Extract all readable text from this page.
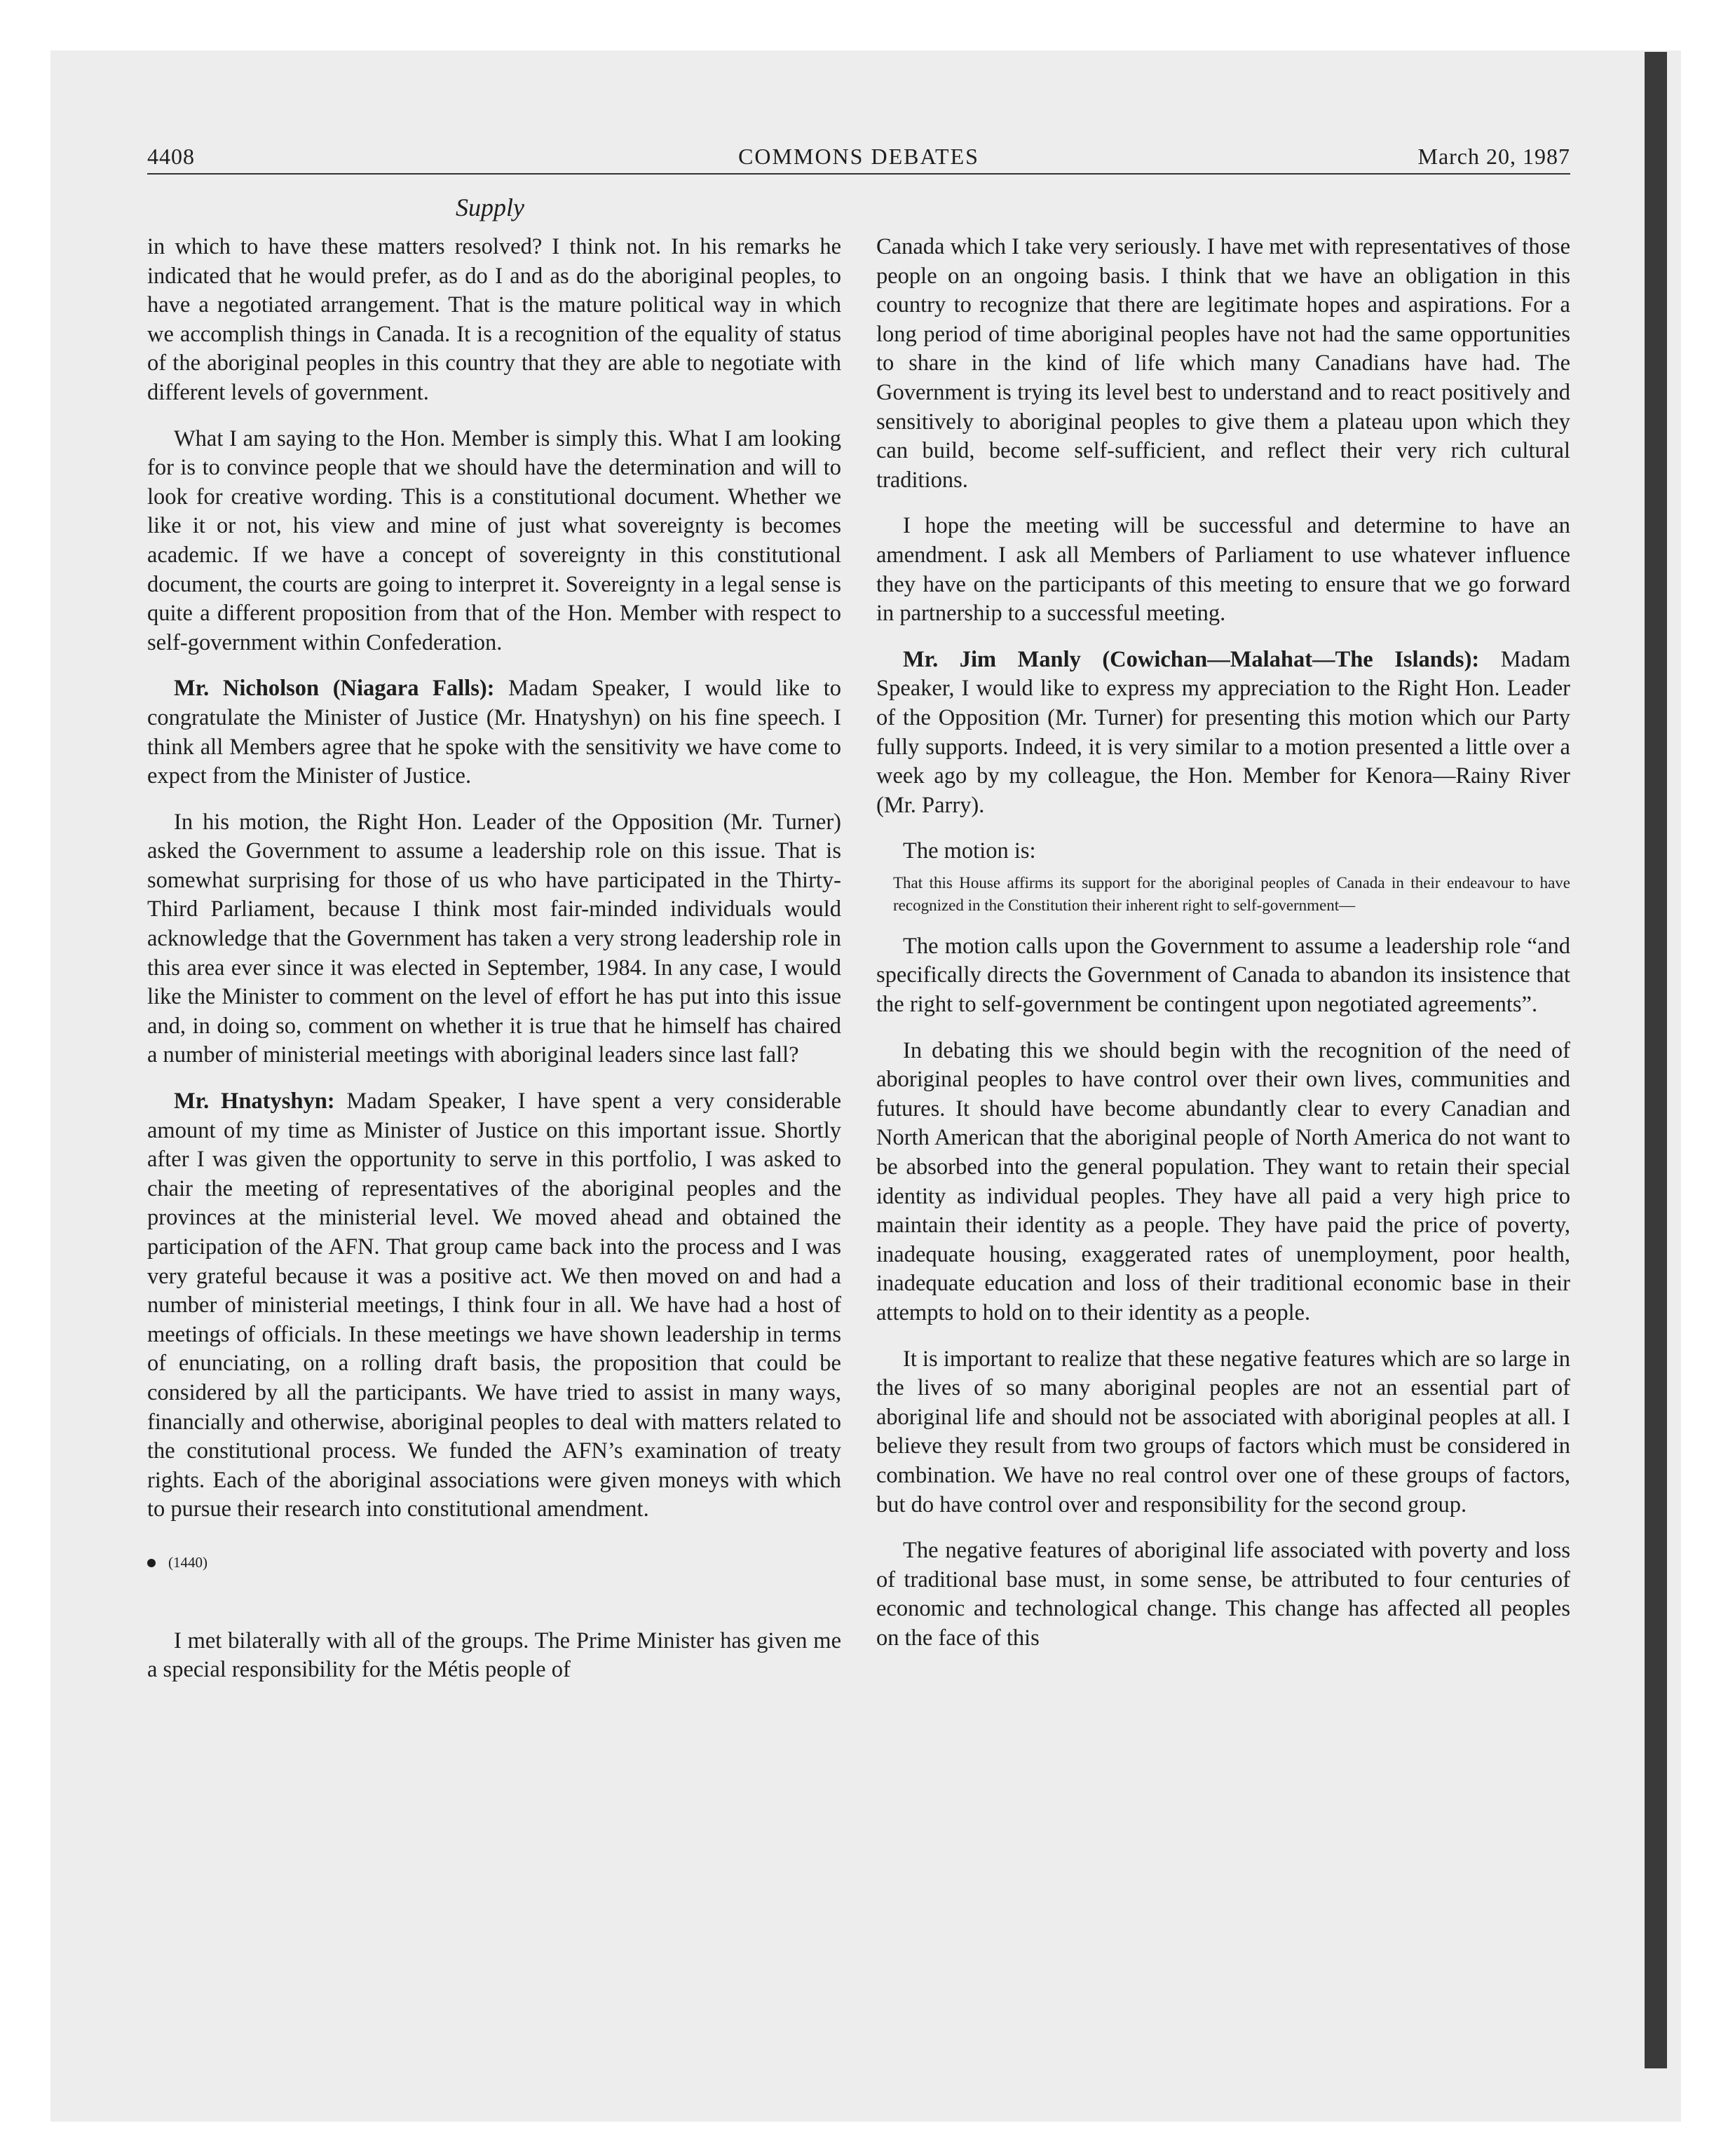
4408	COMMONS DEBATES	March 20, 1987
Supply

in which to have these matters resolved? I think not. In his remarks he indicated that he would prefer, as do I and as do the aboriginal peoples, to have a negotiated arrangement. That is the mature political way in which we accomplish things in Canada. It is a recognition of the equality of status of the aboriginal peoples in this country that they are able to negotiate with different levels of government.

What I am saying to the Hon. Member is simply this. What I am looking for is to convince people that we should have the determination and will to look for creative wording. This is a constitutional document. Whether we like it or not, his view and mine of just what sovereignty is becomes academic. If we have a concept of sovereignty in this constitutional document, the courts are going to interpret it. Sovereignty in a legal sense is quite a different proposition from that of the Hon. Member with respect to self-government within Confederation.

Mr. Nicholson (Niagara Falls): Madam Speaker, I would like to congratulate the Minister of Justice (Mr. Hnatyshyn) on his fine speech. I think all Members agree that he spoke with the sensitivity we have come to expect from the Minister of Justice.

In his motion, the Right Hon. Leader of the Opposition (Mr. Turner) asked the Government to assume a leadership role on this issue. That is somewhat surprising for those of us who have participated in the Thirty-Third Parliament, because I think most fair-minded individuals would acknowledge that the Government has taken a very strong leadership role in this area ever since it was elected in September, 1984. In any case, I would like the Minister to comment on the level of effort he has put into this issue and, in doing so, comment on whether it is true that he himself has chaired a number of ministerial meetings with aboriginal leaders since last fall?

Mr. Hnatyshyn: Madam Speaker, I have spent a very considerable amount of my time as Minister of Justice on this important issue. Shortly after I was given the opportunity to serve in this portfolio, I was asked to chair the meeting of representatives of the aboriginal peoples and the provinces at the ministerial level. We moved ahead and obtained the participation of the AFN. That group came back into the process and I was very grateful because it was a positive act. We then moved on and had a number of ministerial meetings, I think four in all. We have had a host of meetings of officials. In these meetings we have shown leadership in terms of enunciating, on a rolling draft basis, the proposition that could be considered by all the participants. We have tried to assist in many ways, financially and otherwise, aboriginal peoples to deal with matters related to the constitutional process. We funded the AFN’s examination of treaty rights. Each of the aboriginal associations were given moneys with which to pursue their research into constitutional amendment.

(1440)

I met bilaterally with all of the groups. The Prime Minister has given me a special responsibility for the Métis people of

Canada which I take very seriously. I have met with representatives of those people on an ongoing basis. I think that we have an obligation in this country to recognize that there are legitimate hopes and aspirations. For a long period of time aboriginal peoples have not had the same opportunities to share in the kind of life which many Canadians have had. The Government is trying its level best to understand and to react positively and sensitively to aboriginal peoples to give them a plateau upon which they can build, become self-sufficient, and reflect their very rich cultural traditions.

I hope the meeting will be successful and determine to have an amendment. I ask all Members of Parliament to use whatever influence they have on the participants of this meeting to ensure that we go forward in partnership to a successful meeting.

Mr. Jim Manly (Cowichan—Malahat—The Islands): Madam Speaker, I would like to express my appreciation to the Right Hon. Leader of the Opposition (Mr. Turner) for presenting this motion which our Party fully supports. Indeed, it is very similar to a motion presented a little over a week ago by my colleague, the Hon. Member for Kenora—Rainy River (Mr. Parry).

The motion is:

That this House affirms its support for the aboriginal peoples of Canada in their endeavour to have recognized in the Constitution their inherent right to self-government—

The motion calls upon the Government to assume a leadership role “and specifically directs the Government of Canada to abandon its insistence that the right to self-government be contingent upon negotiated agreements”.

In debating this we should begin with the recognition of the need of aboriginal peoples to have control over their own lives, communities and futures. It should have become abundantly clear to every Canadian and North American that the aboriginal people of North America do not want to be absorbed into the general population. They want to retain their special identity as individual peoples. They have all paid a very high price to maintain their identity as a people. They have paid the price of poverty, inadequate housing, exaggerated rates of unemployment, poor health, inadequate education and loss of their traditional economic base in their attempts to hold on to their identity as a people.

It is important to realize that these negative features which are so large in the lives of so many aboriginal peoples are not an essential part of aboriginal life and should not be associated with aboriginal peoples at all. I believe they result from two groups of factors which must be considered in combination. We have no real control over one of these groups of factors, but do have control over and responsibility for the second group.

The negative features of aboriginal life associated with poverty and loss of traditional base must, in some sense, be attributed to four centuries of economic and technological change. This change has affected all peoples on the face of this
